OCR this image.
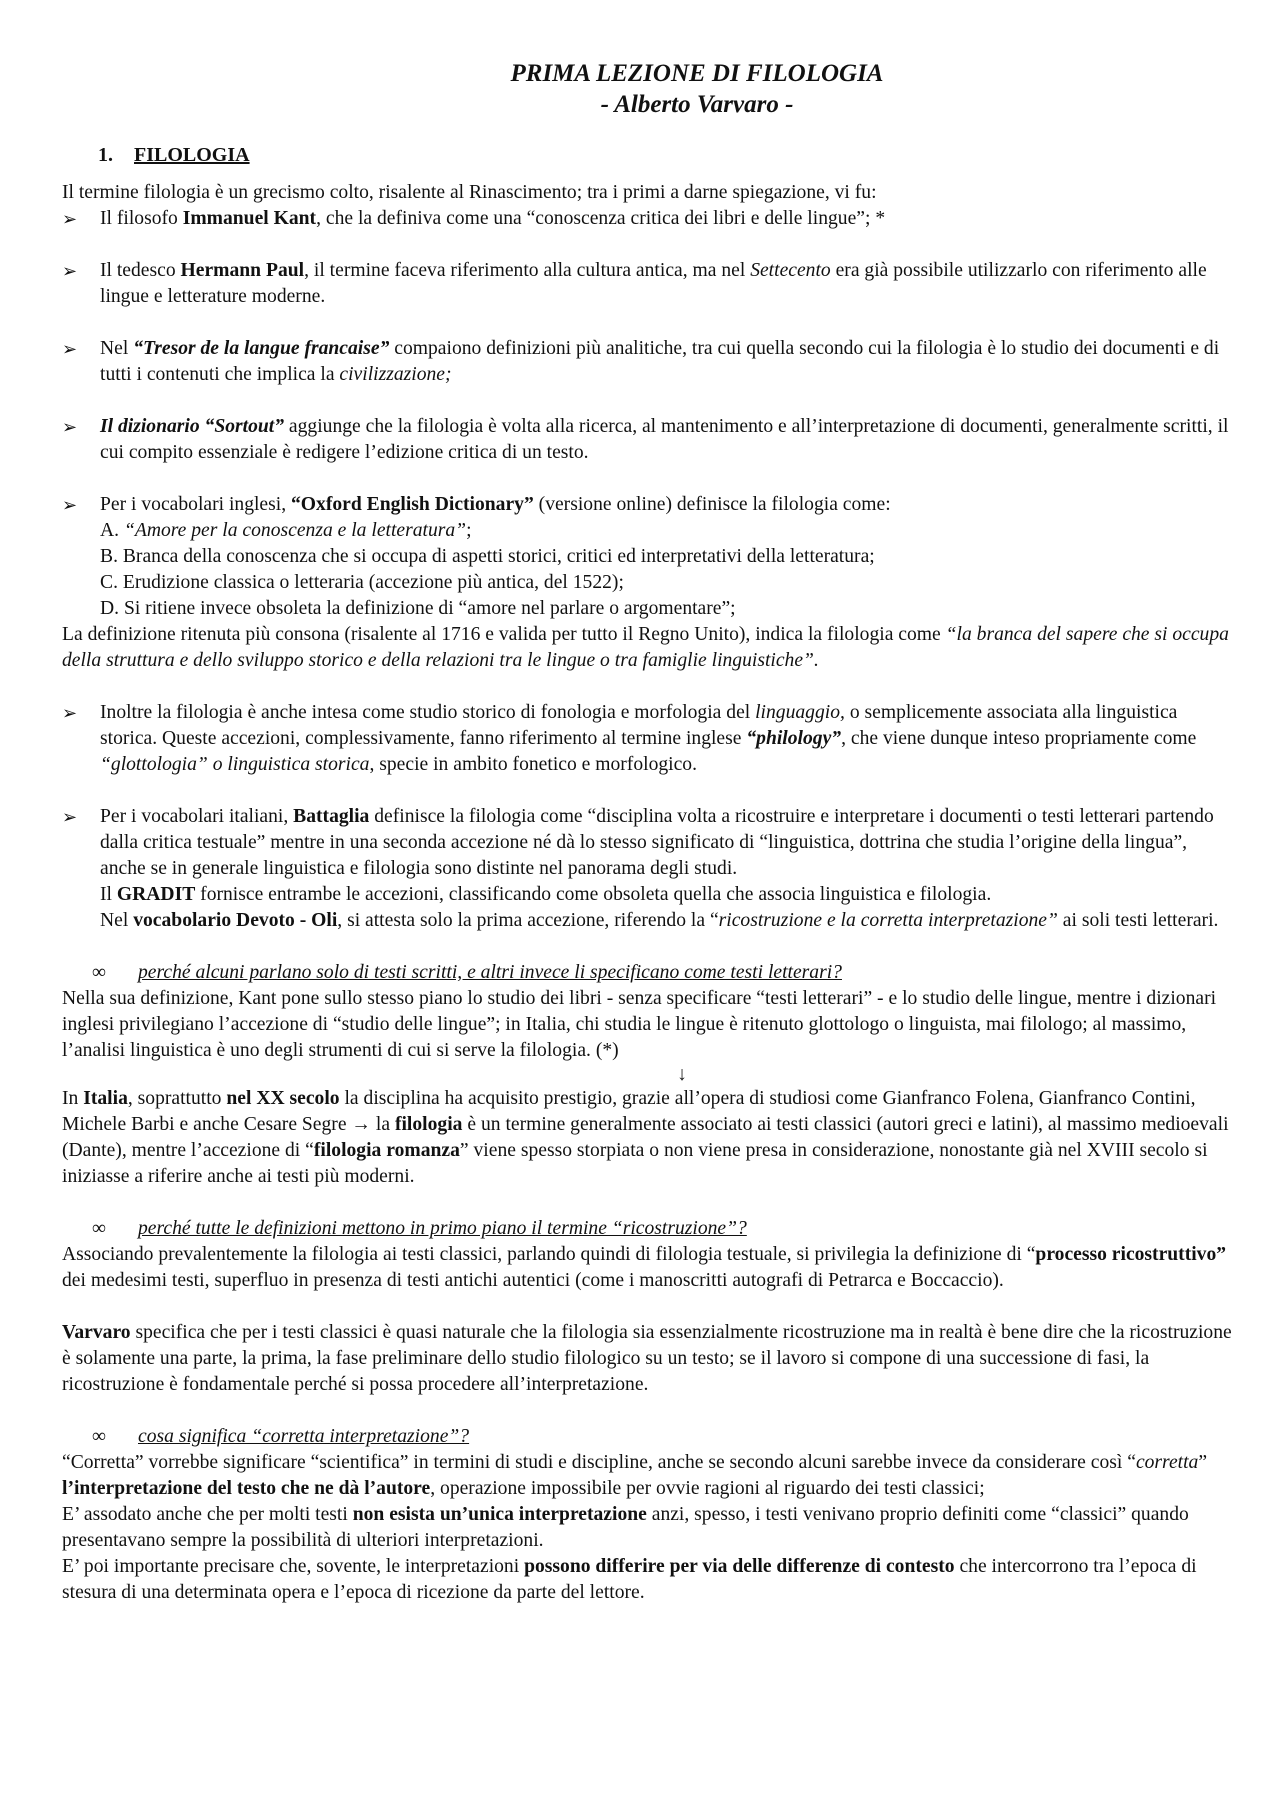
PRIMA LEZIONE DI FILOLOGIA
- Alberto Varvaro -
1. FILOLOGIA

Il termine filologia è un grecismo colto, risalente al Rinascimento; tra i primi a darne spiegazione, vi fu:

➢ Il filosofo Immanuel Kant, che la definiva come una “conoscenza critica dei libri e delle lingue”; *
➢ Il tedesco Hermann Paul, il termine faceva riferimento alla cultura antica, ma nel Settecento era già possibile utilizzarlo con riferimento alle lingue e letterature moderne.
➢ Nel “Tresor de la langue francaise” compaiono definizioni più analitiche, tra cui quella secondo cui la filologia è lo studio dei documenti e di tutti i contenuti che implica la civilizzazione;
➢ Il dizionario “Sortout” aggiunge che la filologia è volta alla ricerca, al mantenimento e all’interpretazione di documenti, generalmente scritti, il cui compito essenziale è redigere l’edizione critica di un testo.
➢ Per i vocabolari inglesi, “Oxford English Dictionary” (versione online) definisce la filologia come:
A. “Amore per la conoscenza e la letteratura”;
B. Branca della conoscenza che si occupa di aspetti storici, critici ed interpretativi della letteratura;
C. Erudizione classica o letteraria (accezione più antica, del 1522);
D. Si ritiene invece obsoleta la definizione di “amore nel parlare o argomentare”;

La definizione ritenuta più consona (risalente al 1716 e valida per tutto il Regno Unito), indica la filologia come “la branca del sapere che si occupa della struttura e dello sviluppo storico e della relazioni tra le lingue o tra famiglie linguistiche”.

➢ Inoltre la filologia è anche intesa come studio storico di fonologia e morfologia del linguaggio, o semplicemente associata alla linguistica storica. Queste accezioni, complessivamente, fanno riferimento al termine inglese “philology”, che viene dunque inteso propriamente come “glottologia” o linguistica storica, specie in ambito fonetico e morfologico.
➢ Per i vocabolari italiani, Battaglia definisce la filologia come “disciplina volta a ricostruire e interpretare i documenti o testi letterari partendo dalla critica testuale” mentre in una seconda accezione né dà lo stesso significato di “linguistica, dottrina che studia l’origine della lingua”, anche se in generale linguistica e filologia sono distinte nel panorama degli studi.
Il GRADIT fornisce entrambe le accezioni, classificando come obsoleta quella che associa linguistica e filologia.
Nel vocabolario Devoto - Oli, si attesta solo la prima accezione, riferendo la “ricostruzione e la corretta interpretazione” ai soli testi letterari.
∞ perché alcuni parlano solo di testi scritti, e altri invece li specificano come testi letterari?

Nella sua definizione, Kant pone sullo stesso piano lo studio dei libri - senza specificare “testi letterari” - e lo studio delle lingue, mentre i dizionari inglesi privilegiano l’accezione di “studio delle lingue”; in Italia, chi studia le lingue è ritenuto glottologo o linguista, mai filologo; al massimo, l’analisi linguistica è uno degli strumenti di cui si serve la filologia. (*)

↓

In Italia, soprattutto nel XX secolo la disciplina ha acquisito prestigio, grazie all’opera di studiosi come Gianfranco Folena, Gianfranco Contini, Michele Barbi e anche Cesare Segre → la filologia è un termine generalmente associato ai testi classici (autori greci e latini), al massimo medioevali (Dante), mentre l’accezione di “filologia romanza” viene spesso storpiata o non viene presa in considerazione, nonostante già nel XVIII secolo si iniziasse a riferire anche ai testi più moderni.

∞ perché tutte le definizioni mettono in primo piano il termine “ricostruzione”?

Associando prevalentemente la filologia ai testi classici, parlando quindi di filologia testuale, si privilegia la definizione di “processo ricostruttivo” dei medesimi testi, superfluo in presenza di testi antichi autentici (come i manoscritti autografi di Petrarca e Boccaccio).

Varvaro specifica che per i testi classici è quasi naturale che la filologia sia essenzialmente ricostruzione ma in realtà è bene dire che la ricostruzione è solamente una parte, la prima, la fase preliminare dello studio filologico su un testo; se il lavoro si compone di una successione di fasi, la ricostruzione è fondamentale perché si possa procedere all’interpretazione.

∞ cosa significa “corretta interpretazione”?

“Corretta” vorrebbe significare “scientifica” in termini di studi e discipline, anche se secondo alcuni sarebbe invece da considerare così “corretta” l’interpretazione del testo che ne dà l’autore, operazione impossibile per ovvie ragioni al riguardo dei testi classici;

E’ assodato anche che per molti testi non esista un’unica interpretazione anzi, spesso, i testi venivano proprio definiti come “classici” quando presentavano sempre la possibilità di ulteriori interpretazioni.

E’ poi importante precisare che, sovente, le interpretazioni possono differire per via delle differenze di contesto che intercorrono tra l’epoca di stesura di una determinata opera e l’epoca di ricezione da parte del lettore.
